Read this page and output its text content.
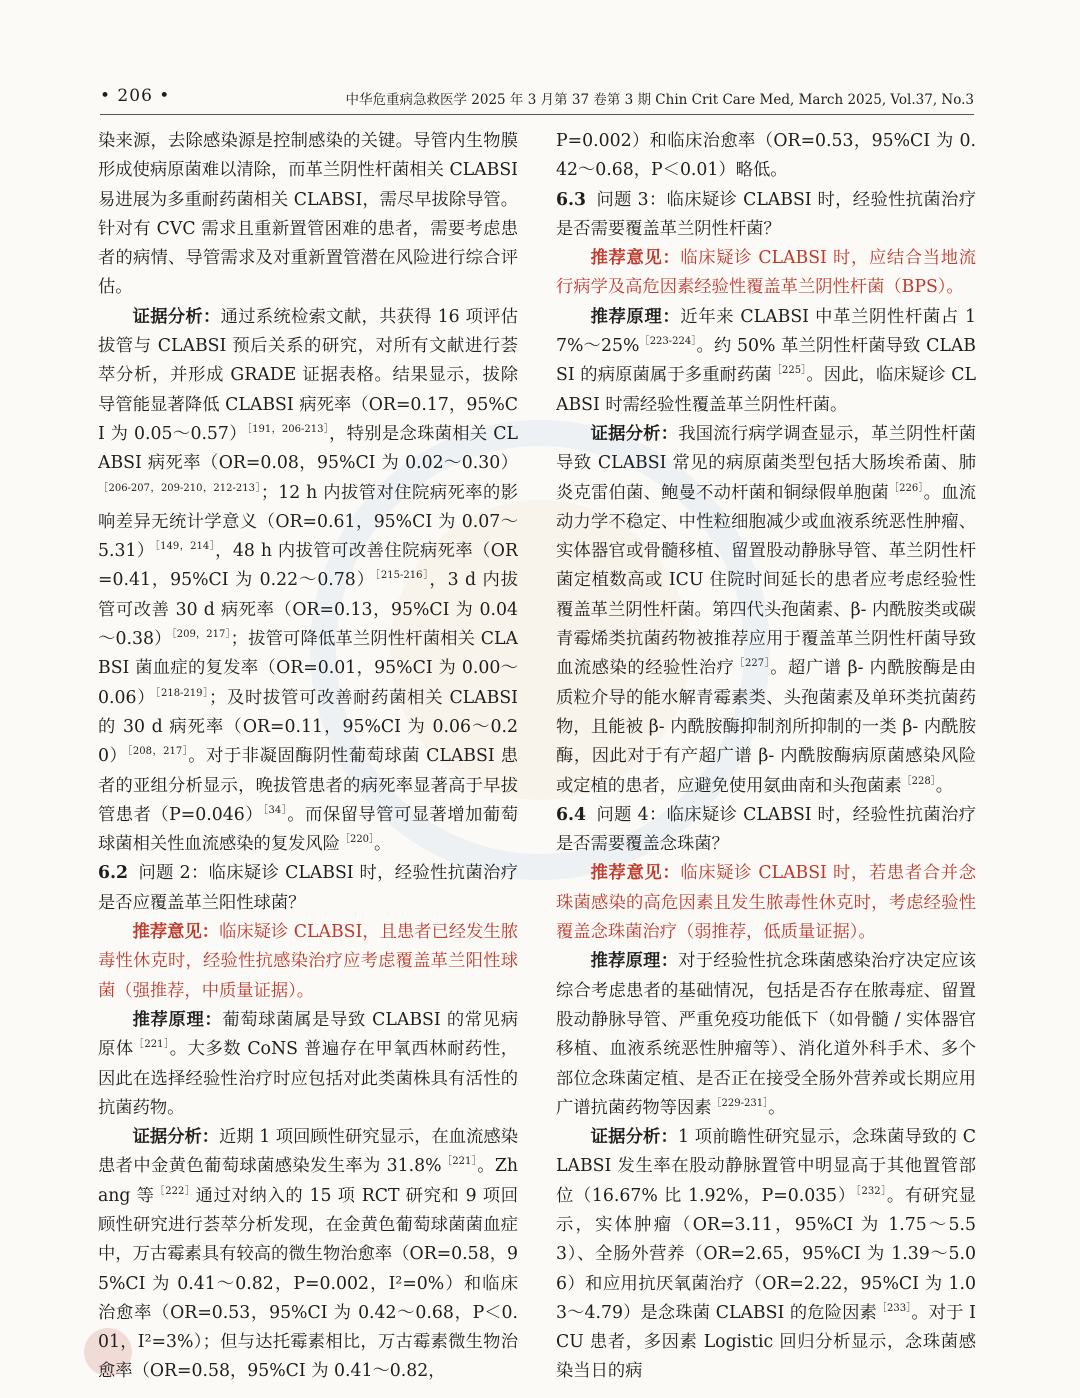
• 206 •	中华危重病急救医学 2025 年 3 月第 37 卷第 3 期 Chin Crit Care Med, March 2025, Vol.37, No.3

染来源，去除感染源是控制感染的关键。导管内生物膜形成使病原菌难以清除，而革兰阴性杆菌相关 CLABSI 易进展为多重耐药菌相关 CLABSI，需尽早拔除导管。针对有 CVC 需求且重新置管困难的患者，需要考虑患者的病情、导管需求及对重新置管潜在风险进行综合评估。

证据分析：通过系统检索文献，共获得 16 项评估拔管与 CLABSI 预后关系的研究，对所有文献进行荟萃分析，并形成 GRADE 证据表格。结果显示，拔除导管能显著降低 CLABSI 病死率（OR=0.17，95%CI 为 0.05～0.57）$^{[191,206-213]}$，特别是念珠菌相关 CLABSI 病死率（OR=0.08，95%CI 为 0.02～0.30）$^{[206-207,209-210,212-213]}$；12 h 内拔管对住院病死率的影响差异无统计学意义（OR=0.61，95%CI 为 0.07～5.31）$^{[149,214]}$，48 h 内拔管可改善住院病死率（OR=0.41，95%CI 为 0.22～0.78）$^{[215-216]}$，3 d 内拔管可改善 30 d 病死率（OR=0.13，95%CI 为 0.04～0.38）$^{[209,217]}$；拔管可降低革兰阴性杆菌相关 CLABSI 菌血症的复发率（OR=0.01，95%CI 为 0.00～0.06）$^{[218-219]}$；及时拔管可改善耐药菌相关 CLABSI 的 30 d 病死率（OR=0.11，95%CI 为 0.06～0.20）$^{[208,217]}$。对于非凝固酶阴性葡萄球菌 CLABSI 患者的亚组分析显示，晚拔管患者的病死率显著高于早拔管患者（P=0.046）$^{[34]}$。而保留导管可显著增加葡萄球菌相关性血流感染的复发风险$^{[220]}$。

6.2 问题 2：临床疑诊 CLABSI 时，经验性抗菌治疗是否应覆盖革兰阳性球菌？

推荐意见：临床疑诊 CLABSI，且患者已经发生脓毒性休克时，经验性抗感染治疗应考虑覆盖革兰阳性球菌（强推荐，中质量证据）。

推荐原理：葡萄球菌属是导致 CLABSI 的常见病原体$^{[221]}$。大多数 CoNS 普遍存在甲氧西林耐药性，因此在选择经验性治疗时应包括对此类菌株具有活性的抗菌药物。

证据分析：近期 1 项回顾性研究显示，在血流感染患者中金黄色葡萄球菌感染发生率为 31.8%$^{[221]}$。Zhang 等$^{[222]}$通过对纳入的 15 项 RCT 研究和 9 项回顾性研究进行荟萃分析发现，在金黄色葡萄球菌菌血症中，万古霉素具有较高的微生物治愈率（OR=0.58，95%CI 为 0.41～0.82，P=0.002，I²=0%）和临床治愈率（OR=0.53，95%CI 为 0.42～0.68，P＜0.01，I²=3%）；但与达托霉素相比，万古霉素微生物治愈率（OR=0.58，95%CI 为 0.41～0.82，

P=0.002）和临床治愈率（OR=0.53，95%CI 为 0.42～0.68，P＜0.01）略低。

6.3 问题 3：临床疑诊 CLABSI 时，经验性抗菌治疗是否需要覆盖革兰阴性杆菌？

推荐意见：临床疑诊 CLABSI 时，应结合当地流行病学及高危因素经验性覆盖革兰阴性杆菌（BPS）。

推荐原理：近年来 CLABSI 中革兰阴性杆菌占 17%～25%$^{[223-224]}$。约 50% 革兰阴性杆菌导致 CLABSI 的病原菌属于多重耐药菌$^{[225]}$。因此，临床疑诊 CLABSI 时需经验性覆盖革兰阴性杆菌。

证据分析：我国流行病学调查显示，革兰阴性杆菌导致 CLABSI 常见的病原菌类型包括大肠埃希菌、肺炎克雷伯菌、鲍曼不动杆菌和铜绿假单胞菌$^{[226]}$。血流动力学不稳定、中性粒细胞减少或血液系统恶性肿瘤、实体器官或骨髓移植、留置股动静脉导管、革兰阴性杆菌定植数高或 ICU 住院时间延长的患者应考虑经验性覆盖革兰阴性杆菌。第四代头孢菌素、β- 内酰胺类或碳青霉烯类抗菌药物被推荐应用于覆盖革兰阴性杆菌导致血流感染的经验性治疗$^{[227]}$。超广谱 β- 内酰胺酶是由质粒介导的能水解青霉素类、头孢菌素及单环类抗菌药物，且能被 β- 内酰胺酶抑制剂所抑制的一类 β- 内酰胺酶，因此对于有产超广谱 β- 内酰胺酶病原菌感染风险或定植的患者，应避免使用氨曲南和头孢菌素$^{[228]}$。

6.4 问题 4：临床疑诊 CLABSI 时，经验性抗菌治疗是否需要覆盖念珠菌？

推荐意见：临床疑诊 CLABSI 时，若患者合并念珠菌感染的高危因素且发生脓毒性休克时，考虑经验性覆盖念珠菌治疗（弱推荐，低质量证据）。

推荐原理：对于经验性抗念珠菌感染治疗决定应该综合考虑患者的基础情况，包括是否存在脓毒症、留置股动静脉导管、严重免疫功能低下（如骨髓 / 实体器官移植、血液系统恶性肿瘤等）、消化道外科手术、多个部位念珠菌定植、是否正在接受全肠外营养或长期应用广谱抗菌药物等因素$^{[229-231]}$。

证据分析：1 项前瞻性研究显示，念珠菌导致的 CLABSI 发生率在股动静脉置管中明显高于其他置管部位（16.67% 比 1.92%，P=0.035）$^{[232]}$。有研究显示，实体肿瘤（OR=3.11，95%CI 为 1.75～5.53）、全肠外营养（OR=2.65，95%CI 为 1.39～5.06）和应用抗厌氧菌治疗（OR=2.22，95%CI 为 1.03～4.79）是念珠菌 CLABSI 的危险因素$^{[233]}$。对于 ICU 患者，多因素 Logistic 回归分析显示，念珠菌感染当日的病
